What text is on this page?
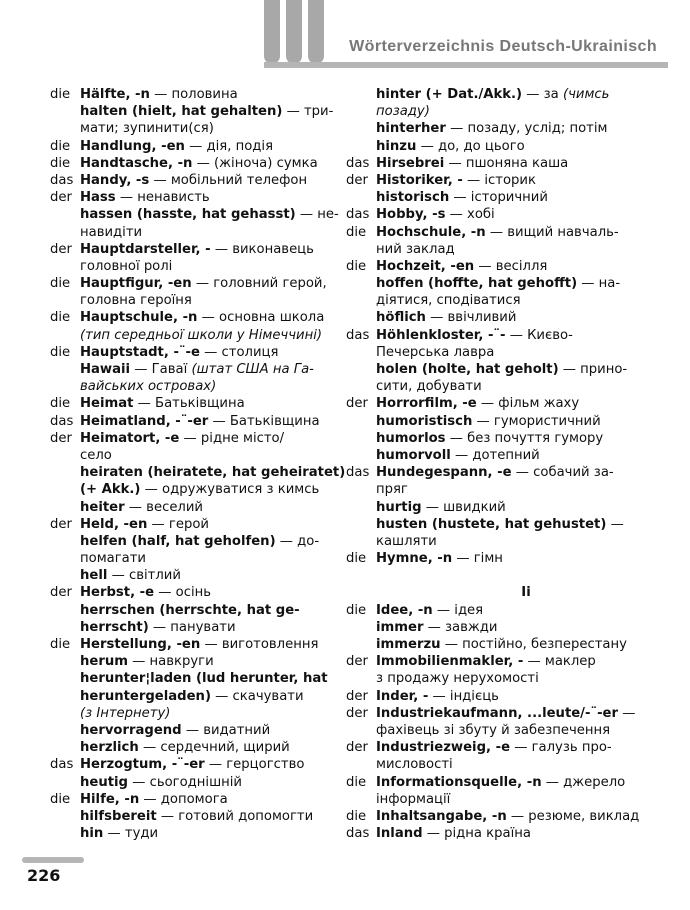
Wörterverzeichnis Deutsch-Ukrainisch
die Hälfte, -n — половина
halten (hielt, hat gehalten) — три-
мати; зупинити(ся)
die Handlung, -en — дія, подія
die Handtasche, -n — (жіноча) сумка
das Handy, -s — мобільний телефон
der Hass — ненависть
hassen (hasste, hat gehasst) — не-
навидіти
der Hauptdarsteller, - — виконавець
головної ролі
die Hauptfigur, -en — головний герой,
головна героїня
die Hauptschule, -n — основна школа
(тип середньої школи у Німеччині)
die Hauptstadt, -¨-e — столиця
Hawaii — Гаваї (штат США на Га-
вайських островах)
die Heimat — Батьківщина
das Heimatland, -¨-er — Батьківщина
der Heimatort, -e — рідне місто/
село
heiraten (heiratete, hat geheiratet)
(+ Akk.) — одружуватися з кимсь
heiter — веселий
der Held, -en — герой
helfen (half, hat geholfen) — до-
помагати
hell — світлий
der Herbst, -e — осінь
herrschen (herrschte, hat ge-
herrscht) — панувати
die Herstellung, -en — виготовлення
herum — навкруги
herunter¦laden (lud herunter, hat
heruntergeladen) — скачувати
(з Інтернету)
hervorragend — видатний
herzlich — сердечний, щирий
das Herzogtum, -¨-er — герцогство
heutig — сьогоднішній
die Hilfe, -n — допомога
hilfsbereit — готовий допомогти
hin — туди
hinter (+ Dat./Akk.) — за (чимсь
позаду)
hinterher — позаду, услід; потім
hinzu — до, до цього
das Hirsebrei — пшоняна каша
der Historiker, - — історик
historisch — історичний
das Hobby, -s — хобі
die Hochschule, -n — вищий навчаль-
ний заклад
die Hochzeit, -en — весілля
hoffen (hoffte, hat gehofft) — на-
діятися, сподіватися
höflich — ввічливий
das Höhlenkloster, -¨- — Києво-
Печерська лавра
holen (holte, hat geholt) — прино-
сити, добувати
der Horrorfilm, -e — фільм жаху
humoristisch — гумористичний
humorlos — без почуття гумору
humorvoll — дотепний
das Hundegespann, -e — собачий за-
пряг
hurtig — швидкий
husten (hustete, hat gehustet) —
кашляти
die Hymne, -n — гімн
Ii
die Idee, -n — ідея
immer — завжди
immerzu — постійно, безперестану
der Immobilienmakler, - — маклер
з продажу нерухомості
der Inder, - — індієць
der Industriekaufmann, ...leute/-¨-er —
фахівець зі збуту й забезпечення
der Industriezweig, -e — галузь про-
мисловості
die Informationsquelle, -n — джерело
інформації
die Inhaltsangabe, -n — резюме, виклад
das Inland — рідна країна
226
